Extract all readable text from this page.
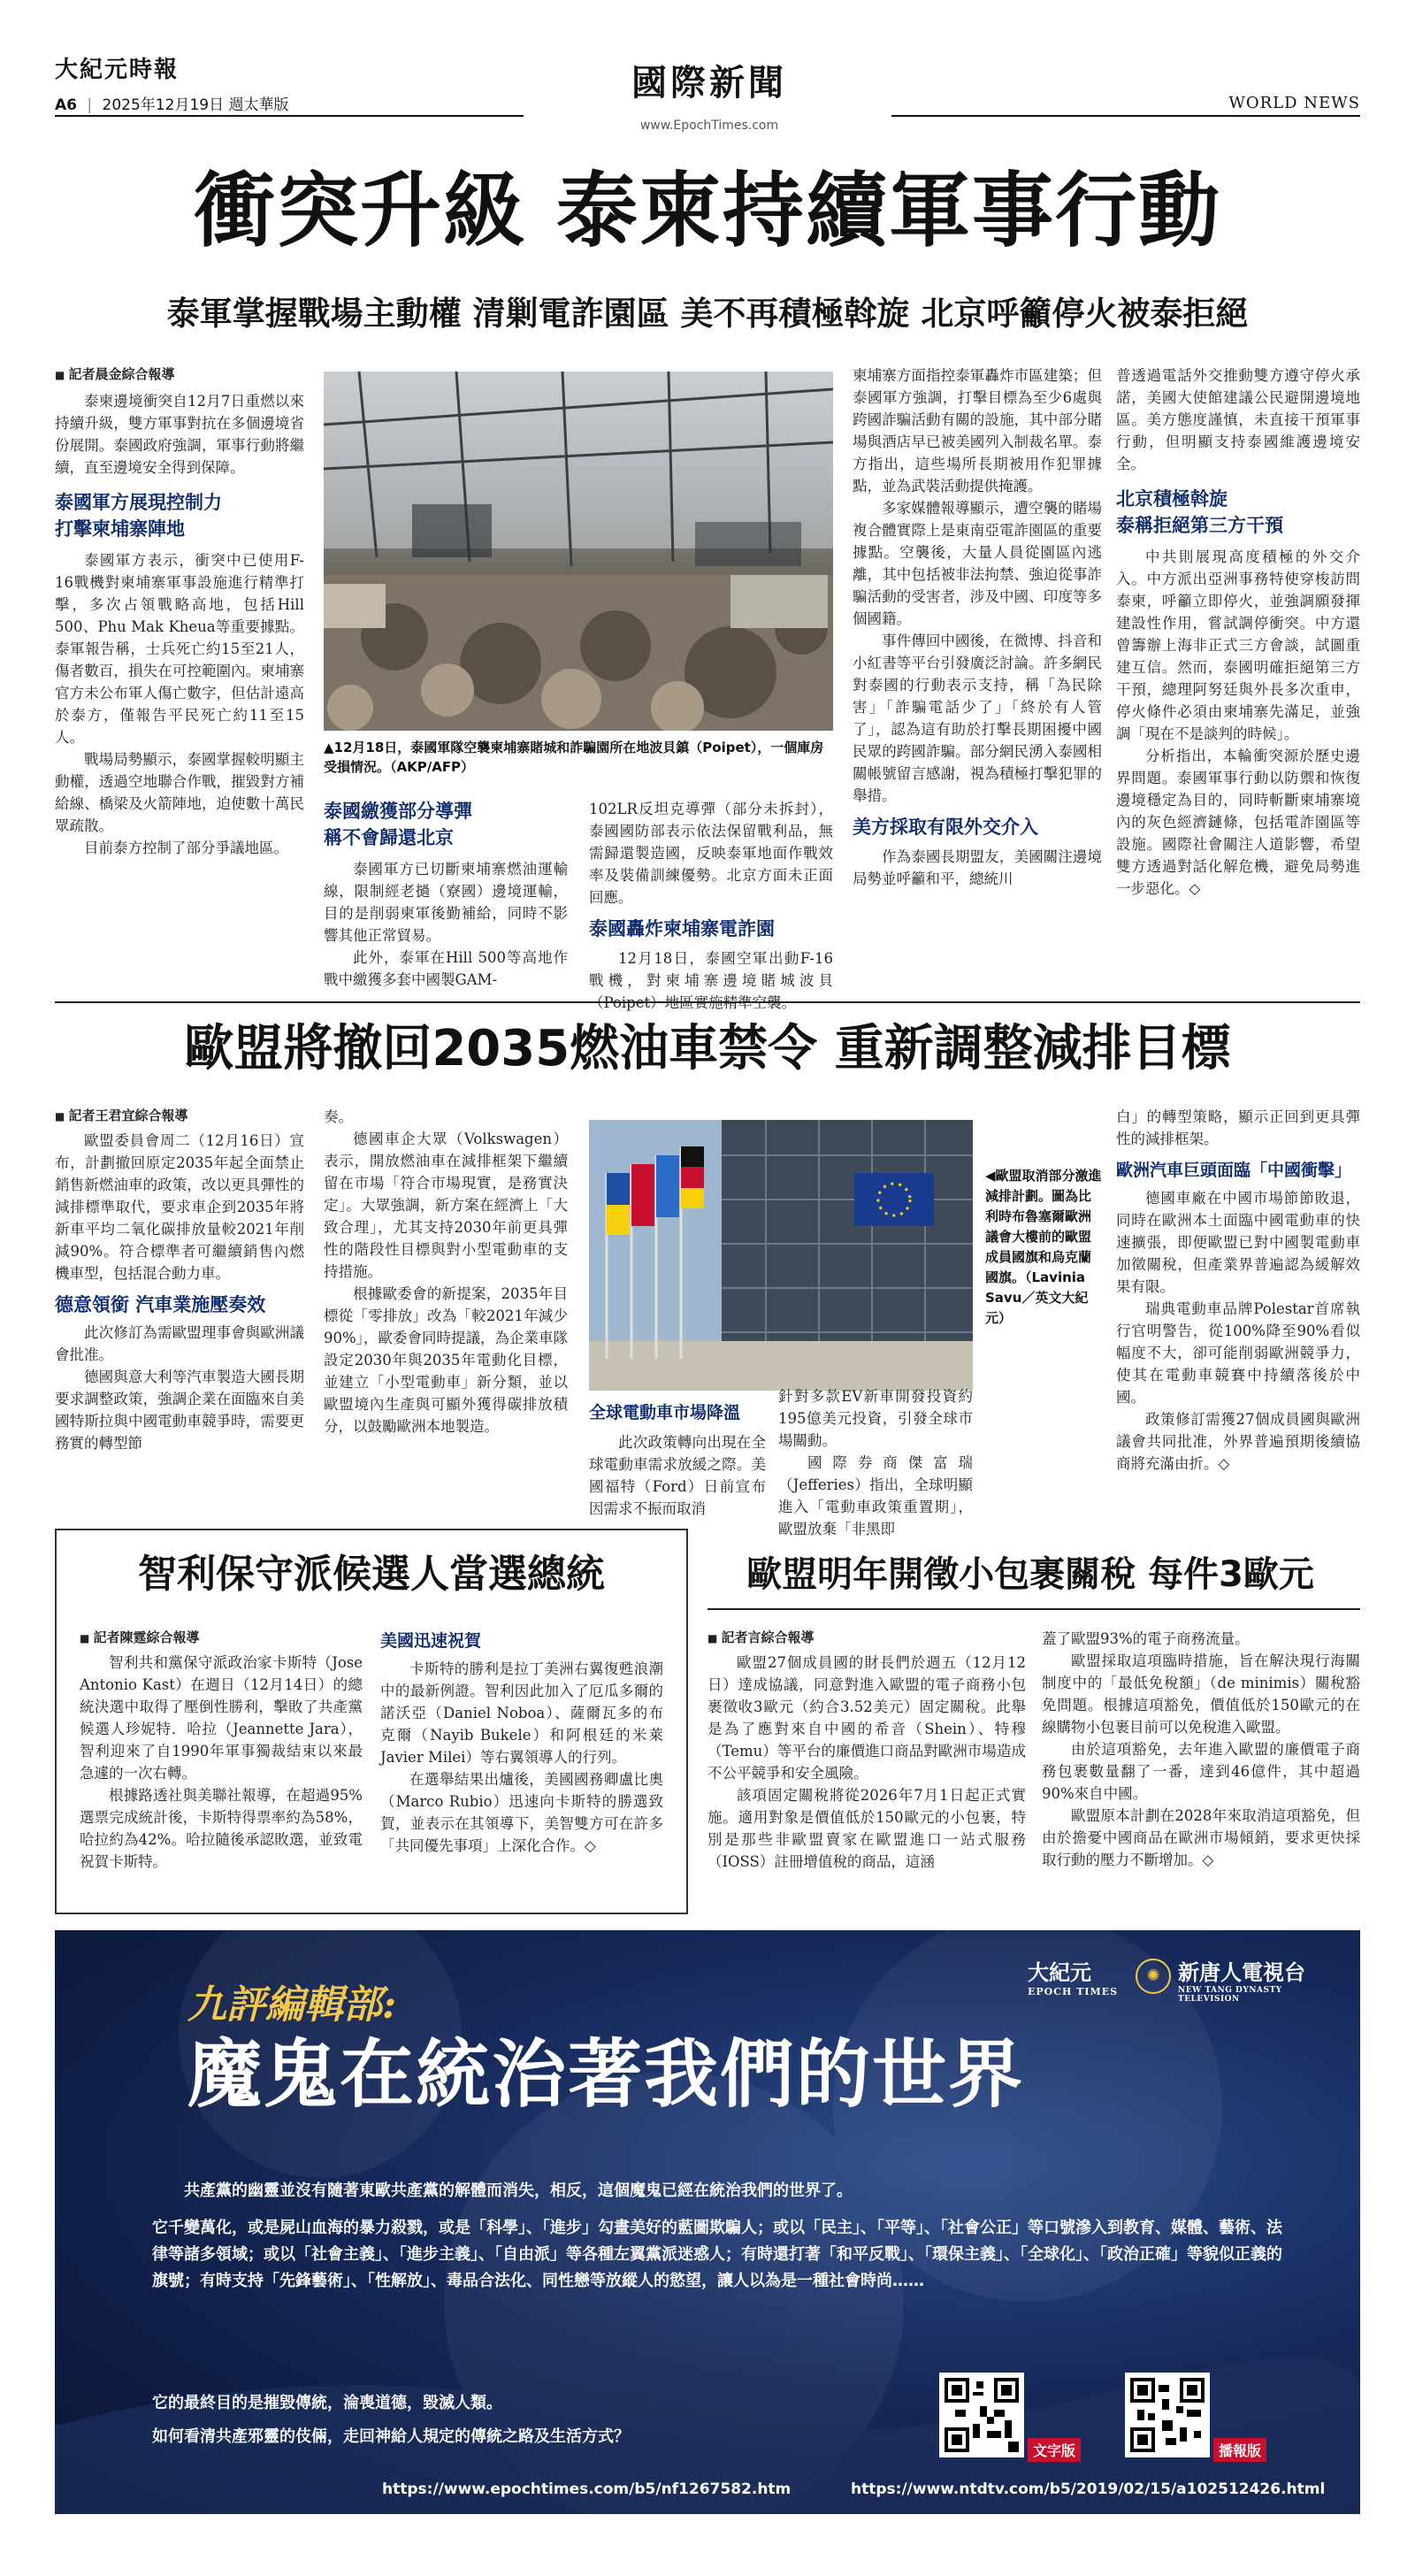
大紀元時報
A6 | 2025年12月19日 週太華版
國際新聞
www.EpochTimes.com
WORLD NEWS
衝突升級 泰柬持續軍事行動
泰軍掌握戰場主動權 清剿電詐園區 美不再積極斡旋 北京呼籲停火被泰拒絕
■ 記者晨金綜合報導
泰柬邊境衝突自12月7日重燃以來持續升級，雙方軍事對抗在多個邊境省份展開。泰國政府強調，軍事行動將繼續，直至邊境安全得到保障。
泰國軍方展現控制力
打擊柬埔寨陣地
泰國軍方表示，衝突中已使用F-16戰機對柬埔寨軍事設施進行精準打擊，多次占領戰略高地，包括Hill 500、Phu Mak Kheua等重要據點。泰軍報告稱，士兵死亡約15至21人，傷者數百，損失在可控範圍內。柬埔寨官方未公布軍人傷亡數字，但估計遠高於泰方，僅報告平民死亡約11至15人。
戰場局勢顯示，泰國掌握較明顯主動權，透過空地聯合作戰，摧毀對方補給線、橋梁及火箭陣地，迫使數十萬民眾疏散。
目前泰方控制了部分爭議地區。
▲12月18日，泰國軍隊空襲柬埔寨賭城和詐騙園所在地波貝鎮（Poipet），一個庫房受損情況。（AKP/AFP）
泰國繳獲部分導彈
稱不會歸還北京
泰國軍方已切斷柬埔寨燃油運輸線，限制經老撾（寮國）邊境運輸，目的是削弱柬軍後勤補給，同時不影響其他正常貿易。
此外，泰軍在Hill 500等高地作戰中繳獲多套中國製GAM-
102LR反坦克導彈（部分未拆封），泰國國防部表示依法保留戰利品，無需歸還製造國，反映泰軍地面作戰效率及裝備訓練優勢。北京方面未正面回應。
泰國轟炸柬埔寨電詐園
12月18日，泰國空軍出動F-16戰機，對柬埔寨邊境賭城波貝
柬埔寨方面指控泰軍轟炸市區建築；但泰國軍方強調，打擊目標為至少6處與跨國詐騙活動有關的設施，其中部分賭場與酒店早已被美國列入制裁名單。泰方指出，這些場所長期被用作犯罪據點，並為武裝活動提供掩護。
多家媒體報導顯示，遭空襲的賭場複合體實際上是東南亞電詐園區的重要據點。空襲後，大量人員從園區內逃離，其中包括被非法拘禁、強迫從事詐騙活動的受害者，涉及中國、印度等多個國籍。
事件傳回中國後，在微博、抖音和小紅書等平台引發廣泛討論。許多網民對泰國的行動表示支持，稱「為民除害」「詐騙電話少了」「終於有人管了」，認為這有助於打擊長期困擾中國民眾的跨國詐騙。部分網民湧入泰國相關帳號留言感謝，視為積極打擊犯罪的舉措。
美方採取有限外交介入
作為泰國長期盟友，美國關注邊境局勢並呼籲和平，總統川
普透過電話外交推動雙方遵守停火承諾，美國大使館建議公民避開邊境地區。美方態度謹慎，未直接干預軍事行動，但明顯支持泰國維護邊境安全。
北京積極斡旋
泰稱拒絕第三方干預
中共則展現高度積極的外交介入。中方派出亞洲事務特使穿梭訪問泰柬，呼籲立即停火，並強調願發揮建設性作用，嘗試調停衝突。中方還曾籌辦上海非正式三方會談，試圖重建互信。然而，泰國明確拒絕第三方干預，總理阿努廷與外長多次重申，停火條件必須由柬埔寨先滿足，並強調「現在不是談判的時候」。
分析指出，本輪衝突源於歷史邊界問題。泰國軍事行動以防禦和恢復邊境穩定為目的，同時斬斷柬埔寨境內的灰色經濟鏈條，包括電詐園區等設施。國際社會關注人道影響，希望雙方透過對話化解危機，避免局勢進一步惡化。◇
歐盟將撤回2035燃油車禁令 重新調整減排目標
■ 記者王君宜綜合報導
歐盟委員會周二（12月16日）宣布，計劃撤回原定2035年起全面禁止銷售新燃油車的政策，改以更具彈性的減排標準取代，要求車企到2035年將新車平均二氧化碳排放量較2021年削減90%。符合標準者可繼續銷售內燃機車型，包括混合動力車。
德意領銜 汽車業施壓奏效
此次修訂為需歐盟理事會與歐洲議會批准。
德國與意大利等汽車製造大國長期要求調整政策，強調企業在面臨來自美國特斯拉與中國電動車競爭時，需要更務實的轉型節
奏。
德國車企大眾（Volkswagen）表示，開放燃油車在減排框架下繼續留在市場「符合市場現實，是務實決定」。大眾強調，新方案在經濟上「大致合理」，尤其支持2030年前更具彈性的階段性目標與對小型電動車的支持措施。
根據歐委會的新提案，2035年目標從「零排放」改為「較2021年減少90%」，歐委會同時提議，為企業車隊設定2030年與2035年電動化目標，並建立「小型電動車」新分類，並以歐盟境內生產與可顯外獲得碳排放積分，以鼓勵歐洲本地製造。
◀歐盟取消部分激進減排計劃。圖為比利時布魯塞爾歐洲議會大樓前的歐盟成員國旗和烏克蘭國旗。（Lavinia Savu／英文大紀元）
全球電動車市場降溫
此次政策轉向出現在全球電動車需求放緩之際。美國福特（Ford）日前宣布因需求不振而取消
針對多款EV新車開發投資約195億美元投資，引發全球市場關動。
國際券商傑富瑞（Jefferies）指出，全球明顯進入「電動車政策重置期」，歐盟放棄「非黑即
白」的轉型策略，顯示正回到更具彈性的減排框架。
歐洲汽車巨頭面臨「中國衝擊」
德國車廠在中國市場節節敗退，同時在歐洲本土面臨中國電動車的快速擴張，即便歐盟已對中國製電動車加徵關稅，但產業界普遍認為緩解效果有限。
瑞典電動車品牌Polestar首席執行官明警告，從100%降至90%看似幅度不大，卻可能削弱歐洲競爭力，使其在電動車競賽中持續落後於中國。
政策修訂需獲27個成員國與歐洲議會共同批准，外界普遍預期後續協商將充滿由折。◇
智利保守派候選人當選總統
■ 記者陳霆綜合報導
智利共和黨保守派政治家卡斯特（Jose Antonio Kast）在週日（12月14日）的總統決選中取得了壓倒性勝利，擊敗了共產黨候選人珍妮特．哈拉（Jeannette Jara），智利迎來了自1990年軍事獨裁結束以來最急遽的一次右轉。
根據路透社與美聯社報導，在超過95%選票完成統計後，卡斯特得票率約為58%，哈拉約為42%。哈拉隨後承認敗選，並致電祝賀卡斯特。
美國迅速祝賀
卡斯特的勝利是拉丁美洲右翼復甦浪潮中的最新例證。智利因此加入了厄瓜多爾的諾沃亞（Daniel Noboa）、薩爾瓦多的布克爾（Nayib Bukele）和阿根廷的米萊 Javier Milei）等右翼領導人的行列。
在選舉結果出爐後，美國國務卿盧比奧（Marco Rubio）迅速向卡斯特的勝選致賀，並表示在其領導下，美智雙方可在許多「共同優先事項」上深化合作。◇
歐盟明年開徵小包裹關稅 每件3歐元
■ 記者言綜合報導
歐盟27個成員國的財長們於週五（12月12日）達成協議，同意對進入歐盟的電子商務小包裹徵收3歐元（約合3.52美元）固定關稅。此舉是為了應對來自中國的希音（Shein）、特穆（Temu）等平台的廉價進口商品對歐洲市場造成不公平競爭和安全風險。
該項固定關稅將從2026年7月1日起正式實施。適用對象是價值低於150歐元的小包裹，特別是那些非歐盟賣家在歐盟進口一站式服務（IOSS）註冊增值稅的商品，這涵
蓋了歐盟93%的電子商務流量。
歐盟採取這項臨時措施，旨在解決現行海關制度中的「最低免稅額」（de minimis）關稅豁免問題。根據這項豁免，價值低於150歐元的在線購物小包裹目前可以免稅進入歐盟。
由於這項豁免，去年進入歐盟的廉價電子商務包裹數量翻了一番，達到46億件，其中超過90%來自中國。
歐盟原本計劃在2028年來取消這項豁免，但由於擔憂中國商品在歐洲市場傾銷，要求更快採取行動的壓力不斷增加。◇
九評編輯部:
魔鬼在統治著我們的世界
大紀元
EPOCH TIMES
✺ 新唐人電視台
NEW TANG DYNASTY TELEVISION
共產黨的幽靈並沒有隨著東歐共產黨的解體而消失，相反，這個魔鬼已經在統治我們的世界了。
它千變萬化，或是屍山血海的暴力殺戮，或是「科學」、「進步」勾畫美好的藍圖欺騙人；或以「民主」、「平等」、「社會公正」等口號滲入到教育、媒體、藝術、法律等諸多領域；或以「社會主義」、「進步主義」、「自由派」等各種左翼黨派迷惑人；有時還打著「和平反戰」、「環保主義」、「全球化」、「政治正確」等貌似正義的旗號；有時支持「先鋒藝術」、「性解放」、毒品合法化、同性戀等放縱人的慾望，讓人以為是一種社會時尚……
它的最終目的是摧毀傳統，淪喪道德，毀滅人類。
如何看清共產邪靈的伎倆，走回神給人規定的傳統之路及生活方式？
文字版	播報版
https://www.epochtimes.com/b5/nf1267582.htm	https://www.ntdtv.com/b5/2019/02/15/a102512426.html
